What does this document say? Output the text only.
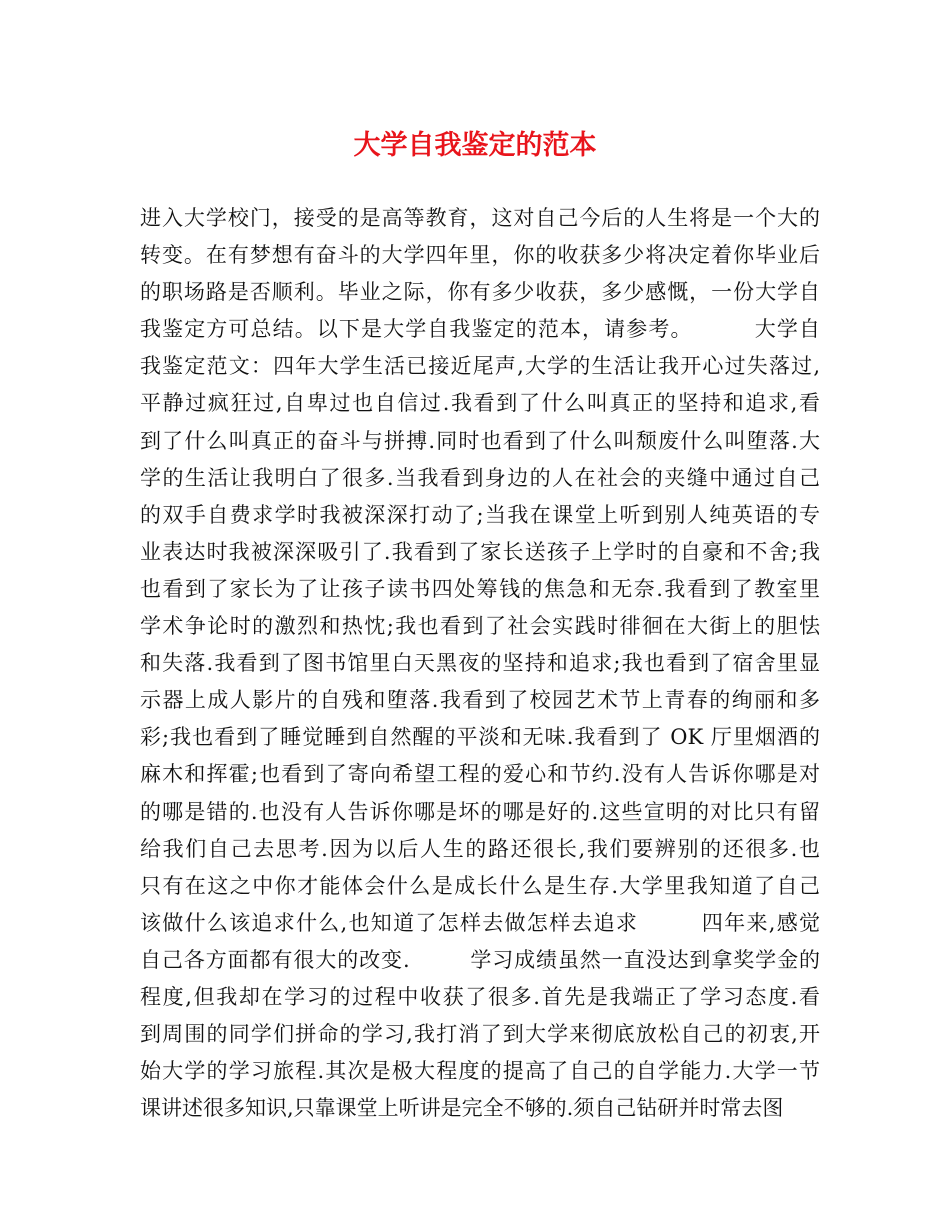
大学自我鉴定的范本
进入大学校门，接受的是高等教育，这对自己今后的人生将是一个大的
转变。在有梦想有奋斗的大学四年里，你的收获多少将决定着你毕业后
的职场路是否顺利。毕业之际，你有多少收获，多少感慨，一份大学自
我鉴定方可总结。以下是大学自我鉴定的范本，请参考。        大学自
我鉴定范文：四年大学生活已接近尾声,大学的生活让我开心过失落过,
平静过疯狂过,自卑过也自信过.我看到了什么叫真正的坚持和追求,看
到了什么叫真正的奋斗与拼搏.同时也看到了什么叫颓废什么叫堕落.大
学的生活让我明白了很多.当我看到身边的人在社会的夹缝中通过自己
的双手自费求学时我被深深打动了;当我在课堂上听到别人纯英语的专
业表达时我被深深吸引了.我看到了家长送孩子上学时的自豪和不舍;我
也看到了家长为了让孩子读书四处筹钱的焦急和无奈.我看到了教室里
学术争论时的激烈和热忱;我也看到了社会实践时徘徊在大街上的胆怯
和失落.我看到了图书馆里白天黑夜的坚持和追求;我也看到了宿舍里显
示器上成人影片的自残和堕落.我看到了校园艺术节上青春的绚丽和多
彩;我也看到了睡觉睡到自然醒的平淡和无味.我看到了 OK 厅里烟酒的
麻木和挥霍;也看到了寄向希望工程的爱心和节约.没有人告诉你哪是对
的哪是错的.也没有人告诉你哪是坏的哪是好的.这些宣明的对比只有留
给我们自己去思考.因为以后人生的路还很长,我们要辨别的还很多.也
只有在这之中你才能体会什么是成长什么是生存.大学里我知道了自己
该做什么该追求什么,也知道了怎样去做怎样去追求        四年来,感觉
自己各方面都有很大的改变.        学习成绩虽然一直没达到拿奖学金的
程度,但我却在学习的过程中收获了很多.首先是我端正了学习态度.看
到周围的同学们拼命的学习,我打消了到大学来彻底放松自己的初衷,开
始大学的学习旅程.其次是极大程度的提高了自己的自学能力.大学一节
课讲述很多知识,只靠课堂上听讲是完全不够的.须自己钻研并时常去图
